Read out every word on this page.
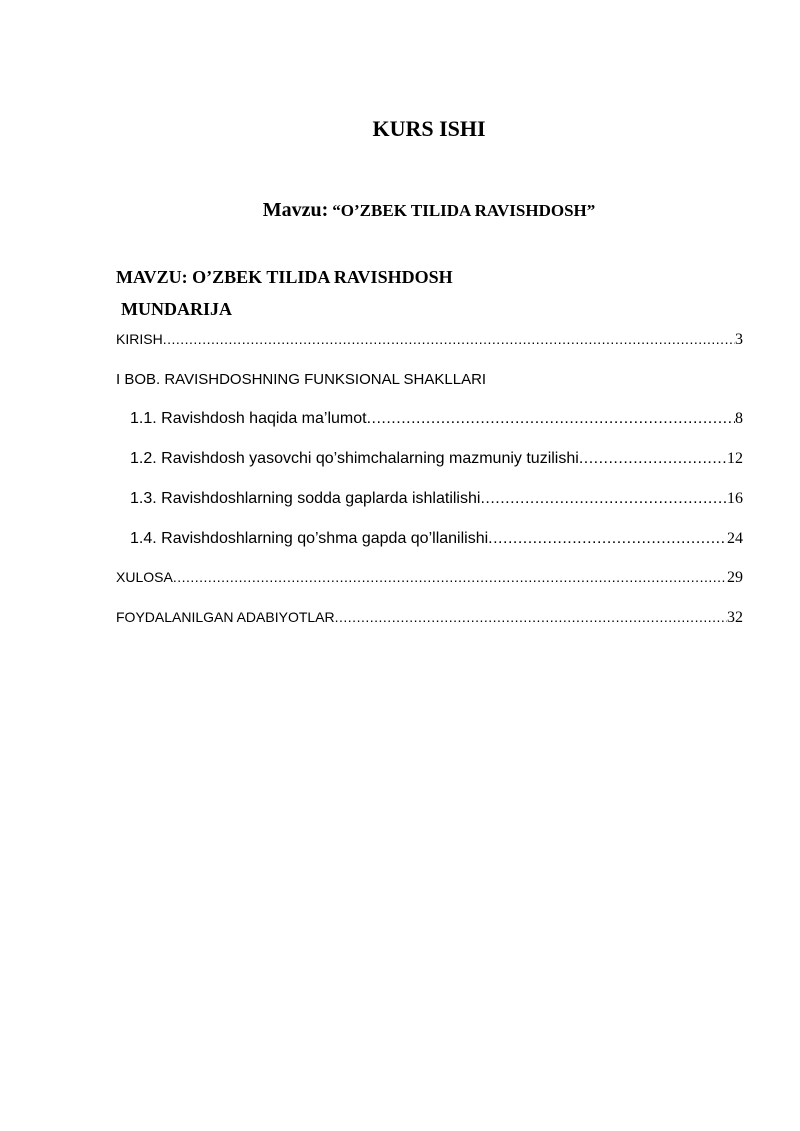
KURS ISHI
Mavzu: “O’ZBEK TILIDA RAVISHDOSH”
MAVZU: O’ZBEK TILIDA RAVISHDOSH
MUNDARIJA
KIRISH .....	3
I BOB. RAVISHDOSHNING FUNKSIONAL SHAKLLARI
1.1. Ravishdosh haqida ma’lumot .....	8
1.2. Ravishdosh yasovchi qo’shimchalarning mazmuniy tuzilishi .....	12
1.3. Ravishdoshlarning sodda gaplarda ishlatilishi .....	16
1.4. Ravishdoshlarning qo’shma gapda qo’llanilishi .....	24
XULOSA .....	29
FOYDALANILGAN ADABIYOTLAR .....	32
